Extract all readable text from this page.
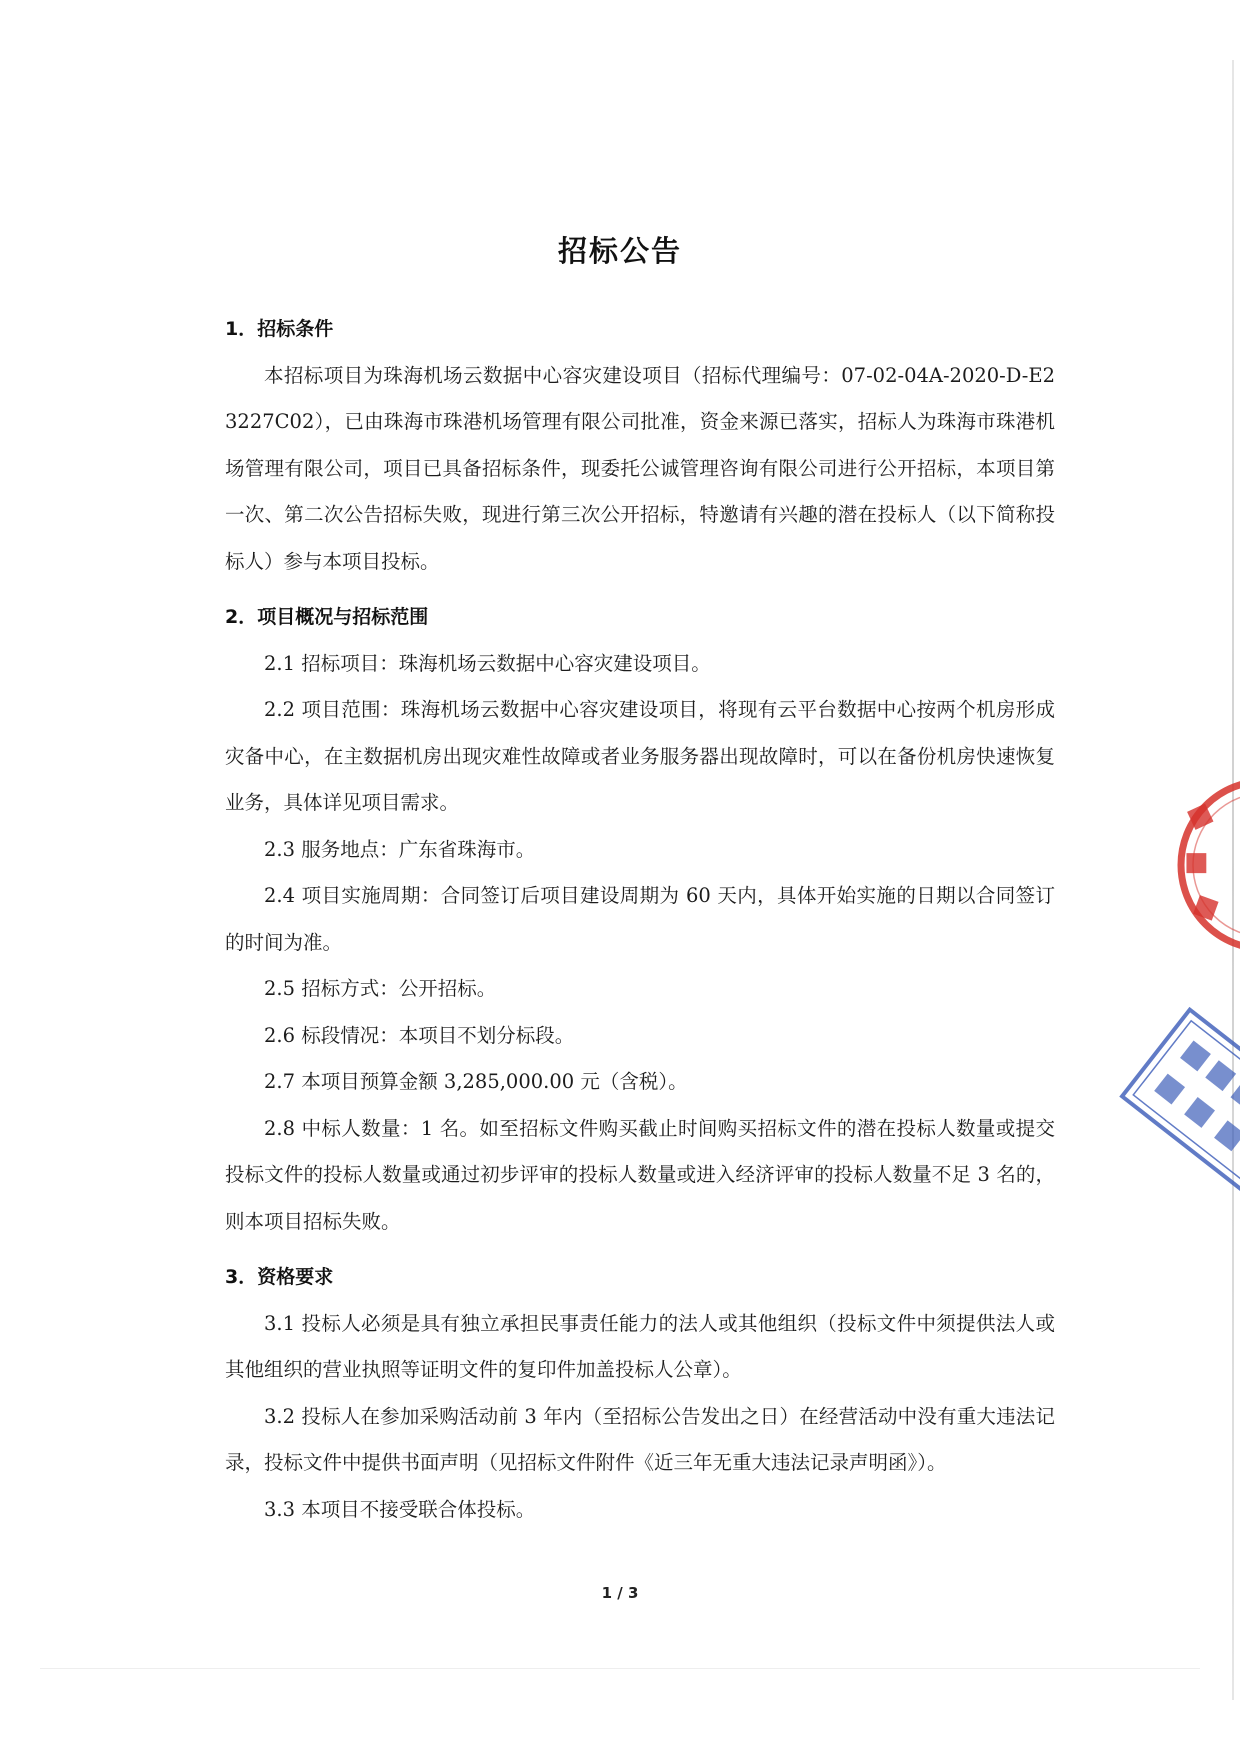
招标公告

1．招标条件

本招标项目为珠海机场云数据中心容灾建设项目（招标代理编号：07-02-04A-2020-D-E23227C02），已由珠海市珠港机场管理有限公司批准，资金来源已落实，招标人为珠海市珠港机场管理有限公司，项目已具备招标条件，现委托公诚管理咨询有限公司进行公开招标，本项目第一次、第二次公告招标失败，现进行第三次公开招标，特邀请有兴趣的潜在投标人（以下简称投标人）参与本项目投标。

2．项目概况与招标范围

2.1 招标项目：珠海机场云数据中心容灾建设项目。

2.2 项目范围：珠海机场云数据中心容灾建设项目，将现有云平台数据中心按两个机房形成灾备中心，在主数据机房出现灾难性故障或者业务服务器出现故障时，可以在备份机房快速恢复业务，具体详见项目需求。

2.3 服务地点：广东省珠海市。

2.4 项目实施周期：合同签订后项目建设周期为 60 天内，具体开始实施的日期以合同签订的时间为准。

2.5 招标方式：公开招标。

2.6 标段情况：本项目不划分标段。

2.7 本项目预算金额 3,285,000.00 元（含税）。

2.8 中标人数量：1 名。如至招标文件购买截止时间购买招标文件的潜在投标人数量或提交投标文件的投标人数量或通过初步评审的投标人数量或进入经济评审的投标人数量不足 3 名的，则本项目招标失败。

3．资格要求

3.1 投标人必须是具有独立承担民事责任能力的法人或其他组织（投标文件中须提供法人或其他组织的营业执照等证明文件的复印件加盖投标人公章）。

3.2 投标人在参加采购活动前 3 年内（至招标公告发出之日）在经营活动中没有重大违法记录，投标文件中提供书面声明（见招标文件附件《近三年无重大违法记录声明函》）。

3.3 本项目不接受联合体投标。

■
■
■
1 / 3
